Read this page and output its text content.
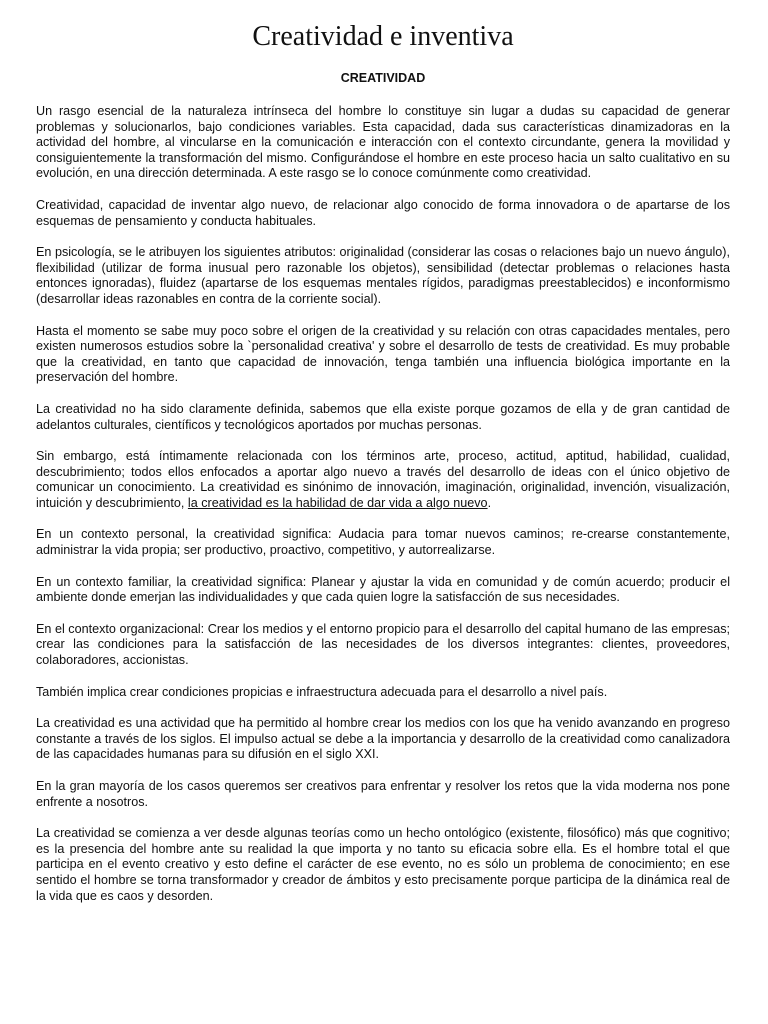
Creatividad e inventiva
CREATIVIDAD

Un rasgo esencial de la naturaleza intrínseca del hombre lo constituye sin lugar a dudas su capacidad de generar problemas y solucionarlos, bajo condiciones variables. Esta capacidad, dada sus características dinamizadoras en la actividad del hombre, al vincularse en la comunicación e interacción con el contexto circundante, genera la movilidad y consiguientemente la transformación del mismo. Configurándose el hombre en este proceso hacia un salto cualitativo en su evolución, en una dirección determinada. A este rasgo se lo conoce comúnmente como creatividad.

Creatividad, capacidad de inventar algo nuevo, de relacionar algo conocido de forma innovadora o de apartarse de los esquemas de pensamiento y conducta habituales.

En psicología, se le atribuyen los siguientes atributos: originalidad (considerar las cosas o relaciones bajo un nuevo ángulo), flexibilidad (utilizar de forma inusual pero razonable los objetos), sensibilidad (detectar problemas o relaciones hasta entonces ignoradas), fluidez (apartarse de los esquemas mentales rígidos, paradigmas preestablecidos) e inconformismo (desarrollar ideas razonables en contra de la corriente social).

Hasta el momento se sabe muy poco sobre el origen de la creatividad y su relación con otras capacidades mentales, pero existen numerosos estudios sobre la `personalidad creativa' y sobre el desarrollo de tests de creatividad. Es muy probable que la creatividad, en tanto que capacidad de innovación, tenga también una influencia biológica importante en la preservación del hombre.

La creatividad no ha sido claramente definida, sabemos que ella existe porque gozamos de ella y de gran cantidad de adelantos culturales, científicos y tecnológicos aportados por muchas personas.

Sin embargo, está íntimamente relacionada con los términos arte, proceso, actitud, aptitud, habilidad, cualidad, descubrimiento; todos ellos enfocados a aportar algo nuevo a través del desarrollo de ideas con el único objetivo de comunicar un conocimiento. La creatividad es sinónimo de innovación, imaginación, originalidad, invención, visualización, intuición y descubrimiento, la creatividad es la habilidad de dar vida a algo nuevo.

En un contexto personal, la creatividad significa: Audacia para tomar nuevos caminos; re-crearse constantemente, administrar la vida propia; ser productivo, proactivo, competitivo, y autorrealizarse.

En un contexto familiar, la creatividad significa: Planear y ajustar la vida en comunidad y de común acuerdo; producir el ambiente donde emerjan las individualidades y que cada quien logre la satisfacción de sus necesidades.

En el contexto organizacional: Crear los medios y el entorno propicio para el desarrollo del capital humano de las empresas; crear las condiciones para la satisfacción de las necesidades de los diversos integrantes: clientes, proveedores, colaboradores, accionistas.

También implica crear condiciones propicias e infraestructura adecuada para el desarrollo a nivel país.

La creatividad es una actividad que ha permitido al hombre crear los medios con los que ha venido avanzando en progreso constante a través de los siglos. El impulso actual se debe a la importancia y desarrollo de la creatividad como canalizadora de las capacidades humanas para su difusión en el siglo XXI.

En la gran mayoría de los casos queremos ser creativos para enfrentar y resolver los retos que la vida moderna nos pone enfrente a nosotros.

La creatividad se comienza a ver desde algunas teorías como un hecho ontológico (existente, filosófico) más que cognitivo; es la presencia del hombre ante su realidad la que importa y no tanto su eficacia sobre ella. Es el hombre total el que participa en el evento creativo y esto define el carácter de ese evento, no es sólo un problema de conocimiento; en ese sentido el hombre se torna transformador y creador de ámbitos y esto precisamente porque participa de la dinámica real de la vida que es caos y desorden.
